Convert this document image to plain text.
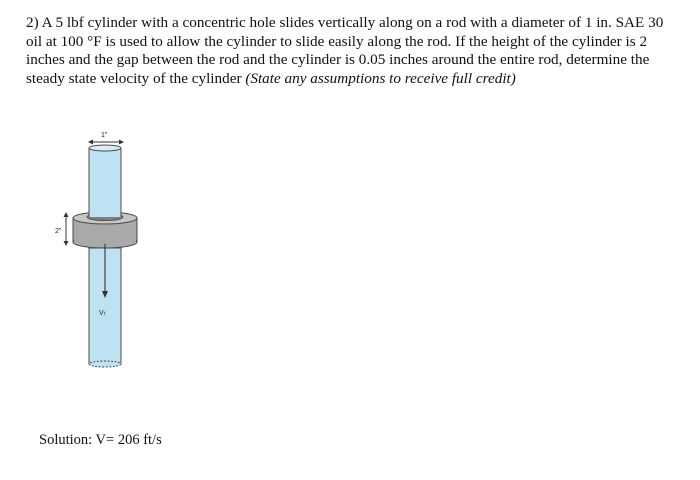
2) A 5 lbf cylinder with a concentric hole slides vertically along on a rod with a diameter of 1 in. SAE 30 oil at 100 °F is used to allow the cylinder to slide easily along the rod. If the height of the cylinder is 2 inches and the gap between the rod and the cylinder is 0.05 inches around the entire rod, determine the steady state velocity of the cylinder (State any assumptions to receive full credit)

1"
2"
Vₜ

Solution: V= 206 ft/s
